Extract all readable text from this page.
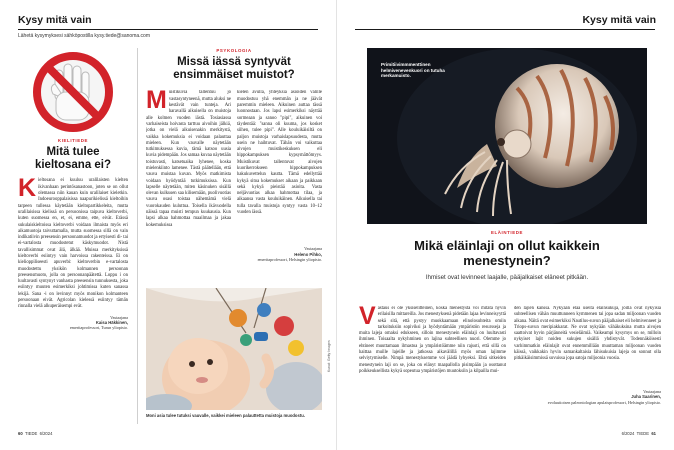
Kysy mitä vain
Lähetä kysymyksesi sähköpostilla kysy.tiede@sanoma.com
KIELITIEDE
Mitä tulee kieltosana ei?
Kieltosana ei kuuluu uralilaisten kielten ikivanhaan perintösanastoon, joten se on ollut olemassa niin kauan kuin uralilaiset kieletkin. Indoeurooppalaisissa naapurikielissä kieltoihin tarpeen tullessa käytetään kieltopartikkeleita, mutta uralilaisissa kielissä on persoonissa taipuva kieltoverbi, kuten suomessa en, et, ei, emme, ette, eivät. Erässä sukulaiskieltoissa kieltoverbi voidaan ilmaista myös eri aikamuotoja taivuttamalla, mutta suomessa sillä on vain indikatiivin preesensin persoonamuodot ja ertyisesti di- tai ei-vartalosta muodostetut käskymuodot. Nistä tavallisimmat ovat älä, älkää. Muissa merkityksissä kieltoverbi esiintyy vain harvoissa rakenteissa. Ei on kielioppiliseesti apuverbi: kieltoverbin e-vartalosta muodostettu yksikön kolmannen persoonan preesensmuoto, jolla on persoonanpäätettä. Loppu i on luultavasti syntynyt vanhasta preesensin tunnuksesta, joka esiintyy muuten esimerkiksi johtimissa kuten sanassa lekijä. Sana -i on levinnyt myös monikon kolmanteen persoonaan eivät. Agricolan kielessä esiintyy tämän rinnalla vielä alkuperäisempi evät.
Vastaajana
Kaisa Häkkinen,
emeritaprofessori, Turun yliopisto.
PSYKOLOGIA
Missä iässä syntyvät ensimmäiset muistot?
Muistikuvia tallentuu jo vastasyntyneenä, mutta aluksi ne kestävät vain tunteja. Ari haravallä aikuisella on muistoja alle kolmen vuoden iästä. Tosiasiassa varhaiseista hoivasta tarttuu aivoihin jälkiä, jotka on vielä aikuisenakin merkitystä, vaikka kokemuksia ei voidaan palauttaa mieleen. Kun vauvalle näytetään tutkimuksessa kuvia, tämä katsoo uusia kuvia pidempään. Jos samaa kuvaa näytetään toistuvasti, katsetuaika lyhenee, koska mielenkiinto lamenee. Tästä päätellään, että vauva muistaa kuvan. Myös matkimista voidaan hyödyntää tutkimuksissa. Kun lapselle näytetään, miten käsinuken sisällä olevan kulkusen saa kilisemään, puolivuotias vauva osasi toistaa nähemämä vielä vuorokauden kuluttua. Toisella ikävuodella näissä tapaa muisti tempun kuukausia. Kun lapsi alkaa hahmottaa maailmaa ja jakaa kokemuksissa
kielen avulla, yhteyksiä asioiden välille muodostuu yhä enemmän ja ne jäävät paremmin mieleen. Aikuinen auttaa tässä luonnostaan. Jos lapsi esimerkiksi näyttää sormeaan ja sanoo "pipi", aikuinen voi täydentää: "sanna oli kuuma, jos kosket siihen, tulee pipi". Alle kouluikäisiltä on paljon muistoja varhaislapsuudesta, mutta usein ne haihtuvat. Tähän voi vaikuttaa aivojen muistikeskuksen eli hippokampuksen kypsymättömyys. Muistikuvat tallentuvat aivojen kuorikerrokseen hippokampuksen hakukuvettelun kautta. Tämä edellyttää kykyä sitoa kokemukset aikaan ja paikkaan sekä kykyä pieistää asioita. Vasta neljävuotias alkaa hahmottaa tilaa, ja aikaansa vasta kouluikäinen. Aikuisella tai tulla tavalla muistoja syntyy vasta 10–12 vuoden iässä.
Vastaajana
Heleno Pihko,
emeritaprofessori, Helsingin yliopisto.
Kuvat: Getty Images
Moni asia tulee tutuksi vauvalle, vaikkei mieleen palauttetta muistoja muodostu.
60 TIEDE 6/2024
Kysy mitä vain
Primitiivimmmenttinen helmivenevenkuori on tutuha merkamuisto.
ELÄINTIEDE
Mikä eläinlaji on ollut kaikkein menestynein?
Ihmiset ovat levinneet laajalle, pääjalkaiset eläneet pitkään.
Vastaus ei ole yksiselitteinen, koska menestystä voi mitata hyvin erilaisilla mittareilla. Jos menestyksenä pidetään lajaa levinneisyyttä sekä sitä, että pystyy muokkaamaan elinolosuhteita omiin tarkoituksiin sopiviksi ja hyödyntämään ympäristön resursseja ja muita lajeja omaksi edukseen, silloin menestynein eläinlaji on luultavasti ihminen. Toisaalta nykyhminen on lajina suhteellisen nuori. Olemme jo ehtineet muuttamaan ilmastoa ja ympäristöämme niin rajusti, että sillä on haittaa muille lajeille ja jatkossa aikavälillä myös oman lajimme selviytymiselle. Nimpä menestyksemme voi jäädä lyhyeksi. Ehtä sitkeiden menestynein laji on se, joka on elänyt maapallolla pisimpään ja osottanut poikkeuksellista kykyä sopeutua ympäristöjen muutoksiin ja kilpailla mui-
den lajien kanssa. Nykyään elää useita eläinsukuja, joilla ovat nykyisiä suhteellisen vähän muuttunneen kymmenen tai jopa sadan miljoonan vuoden aikana. Näitä ovat esimerkiksi Nautilus-suvun pääjalkaiset eli helmivenneet ja Triops-suvun meripiakkarat. Ne ovat nykyään vähäkuksina mutta aivojen saattoivat hyvin pärjänneitä vesieläimiä. Vaikeampi kysymys on se, milloin nykyiset lajit noiden sukujen sisällä yhdistyvät. Todennäköisesti varhimmatkin eläinlajit ovat ennemmillään muuttaman miljoonan vuoden käissä, vaikkakin hyvin samankaltaisia lähisukuisia lajeja on sonnut olla pitkäikäisimmissä suvuissa jopa satoja miljoonia vuosia.
Vastaajana
Juha Saarinen,
evoluutioisen paleontologian apulaisprofessori, Helsingin yliopisto.
6/2024 TIEDE 61
